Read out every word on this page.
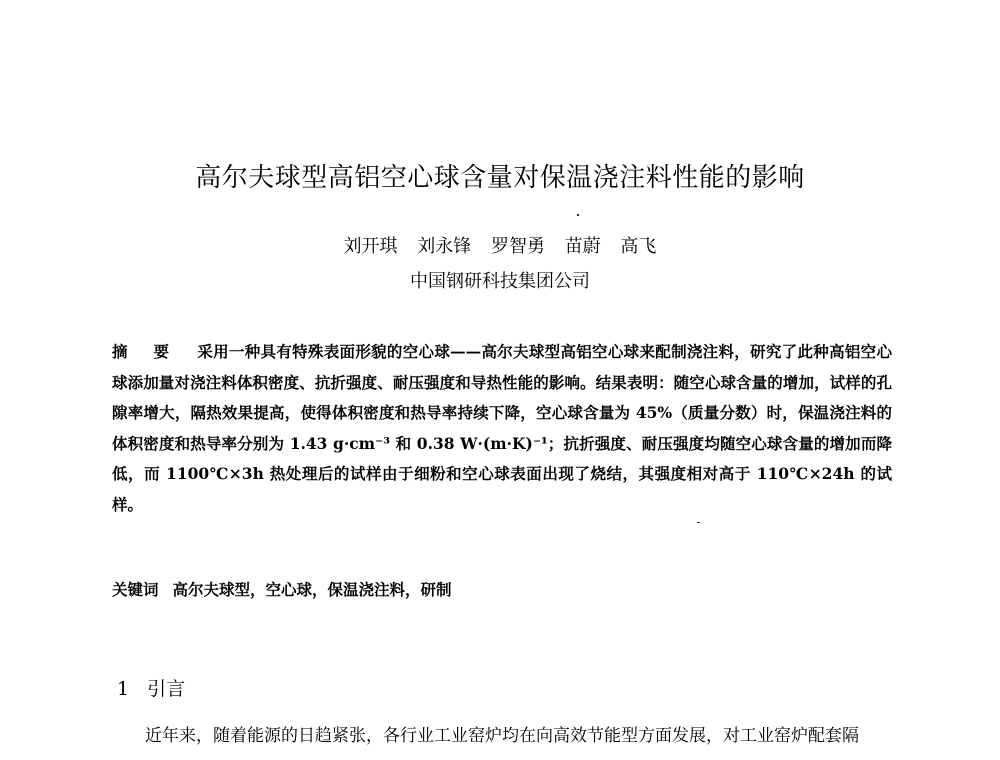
高尔夫球型高铝空心球含量对保温浇注料性能的影响
刘开琪 刘永锋 罗智勇 苗蔚 高飞
中国钢研科技集团公司
摘 要 采用一种具有特殊表面形貌的空心球——高尔夫球型高铝空心球来配制浇注料，研究了此种高铝空心球添加量对浇注料体积密度、抗折强度、耐压强度和导热性能的影响。结果表明：随空心球含量的增加，试样的孔隙率增大，隔热效果提高，使得体积密度和热导率持续下降，空心球含量为 45%（质量分数）时，保温浇注料的体积密度和热导率分别为 1.43 g·cm⁻³ 和 0.38 W·(m·K)⁻¹；抗折强度、耐压强度均随空心球含量的增加而降低，而 1100℃×3h 热处理后的试样由于细粉和空心球表面出现了烧结，其强度相对高于 110℃×24h 的试样。
关键词 高尔夫球型，空心球，保温浇注料，研制
1 引言
近年来，随着能源的日趋紧张，各行业工业窑炉均在向高效节能型方面发展，对工业窑炉配套隔
